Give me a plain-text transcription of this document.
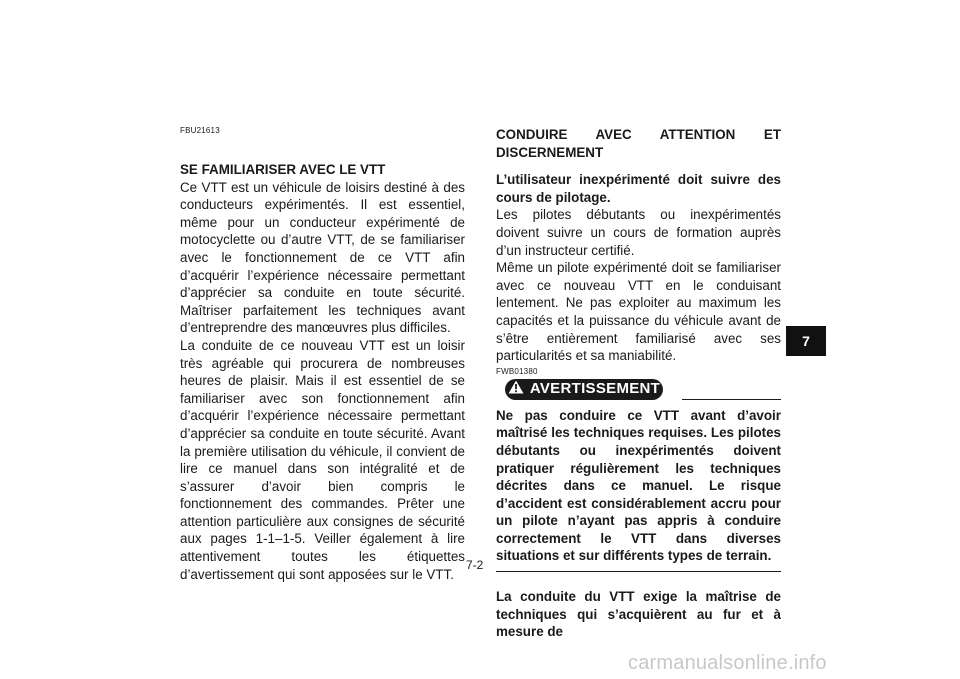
FBU21613
SE FAMILIARISER AVEC LE VTT

Ce VTT est un véhicule de loisirs destiné à des conducteurs expérimentés. Il est essentiel, même pour un conducteur expérimenté de motocyclette ou d’autre VTT, de se familiariser avec le fonctionnement de ce VTT afin d’acquérir l’expérience nécessaire permettant d’apprécier sa conduite en toute sécurité. Maîtriser parfaitement les techniques avant d’entreprendre des manœuvres plus difficiles.

La conduite de ce nouveau VTT est un loisir très agréable qui procurera de nombreuses heures de plaisir. Mais il est essentiel de se familiariser avec son fonctionnement afin d’acquérir l’expérience nécessaire permettant d’apprécier sa conduite en toute sécurité. Avant la première utilisation du véhicule, il convient de lire ce manuel dans son intégralité et de s’assurer d’avoir bien compris le fonctionnement des commandes. Prêter une attention particulière aux consignes de sécurité aux pages 1-1–1-5. Veiller également à lire attentivement toutes les étiquettes d’avertissement qui sont apposées sur le VTT.

CONDUIRE AVEC ATTENTION ET DISCERNEMENT

L’utilisateur inexpérimenté doit suivre des cours de pilotage.

Les pilotes débutants ou inexpérimentés doivent suivre un cours de formation auprès d’un instructeur certifié.

Même un pilote expérimenté doit se familiariser avec ce nouveau VTT en le conduisant lentement. Ne pas exploiter au maximum les capacités et la puissance du véhicule avant de s’être entièrement familiarisé avec ses particularités et sa maniabilité.

FWB01380
AVERTISSEMENT

Ne pas conduire ce VTT avant d’avoir maîtrisé les techniques requises. Les pilotes débutants ou inexpérimentés doivent pratiquer régulièrement les techniques décrites dans ce manuel. Le risque d’accident est considérablement accru pour un pilote n’ayant pas appris à conduire correctement le VTT dans diverses situations et sur différents types de terrain.

La conduite du VTT exige la maîtrise de techniques qui s’acquièrent au fur et à mesure de

7
7-2
carmanualsonline.info
